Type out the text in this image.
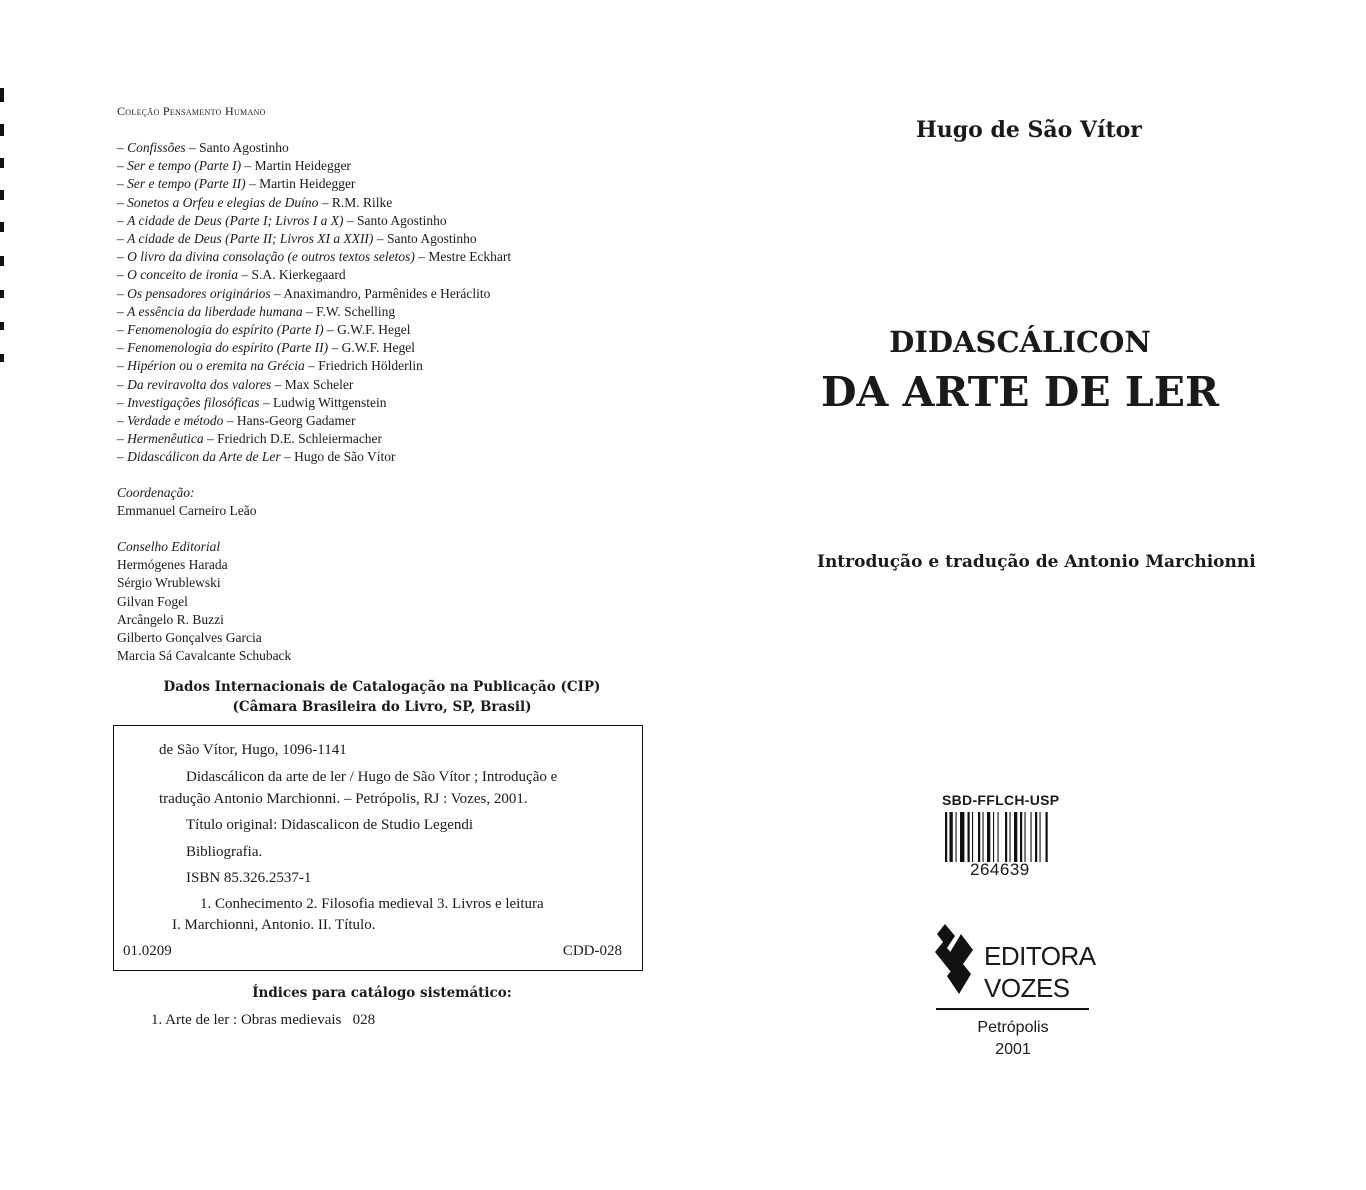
Coleção Pensamento Humano
– Confissões – Santo Agostinho
– Ser e tempo (Parte I) – Martin Heidegger
– Ser e tempo (Parte II) – Martin Heidegger
– Sonetos a Orfeu e elegias de Duíno – R.M. Rilke
– A cidade de Deus (Parte I; Livros I a X) – Santo Agostinho
– A cidade de Deus (Parte II; Livros XI a XXII) – Santo Agostinho
– O livro da divina consolação (e outros textos seletos) – Mestre Eckhart
– O conceito de ironia – S.A. Kierkegaard
– Os pensadores originários – Anaximandro, Parmênides e Heráclito
– A essência da liberdade humana – F.W. Schelling
– Fenomenologia do espírito (Parte I) – G.W.F. Hegel
– Fenomenologia do espírito (Parte II) – G.W.F. Hegel
– Hipérion ou o eremita na Grécia – Friedrich Hölderlin
– Da reviravolta dos valores – Max Scheler
– Investigações filosóficas – Ludwig Wittgenstein
– Verdade e método – Hans-Georg Gadamer
– Hermenêutica – Friedrich D.E. Schleiermacher
– Didascálicon da Arte de Ler – Hugo de São Vítor
Coordenação:
Emmanuel Carneiro Leão
Conselho Editorial
Hermógenes Harada
Sérgio Wrublewski
Gilvan Fogel
Arcângelo R. Buzzi
Gilberto Gonçalves Garcia
Marcia Sá Cavalcante Schuback
Dados Internacionais de Catalogação na Publicação (CIP)
(Câmara Brasileira do Livro, SP, Brasil)
de São Vítor, Hugo, 1096-1141
Didascálicon da arte de ler / Hugo de São Vítor ; Introdução e
tradução Antonio Marchionni. – Petrópolis, RJ : Vozes, 2001.
Título original: Didascalicon de Studio Legendi
Bibliografia.
ISBN 85.326.2537-1
1. Conhecimento 2. Filosofia medieval 3. Livros e leitura
I. Marchionni, Antonio. II. Título.
01.0209	CDD-028
Índices para catálogo sistemático:
1. Arte de ler : Obras medievais   028
Hugo de São Vítor
DIDASCÁLICON
DA ARTE DE LER
Introdução e tradução de Antonio Marchionni
SBD-FFLCH-USP
264639
EDITORA
VOZES
Petrópolis
2001
